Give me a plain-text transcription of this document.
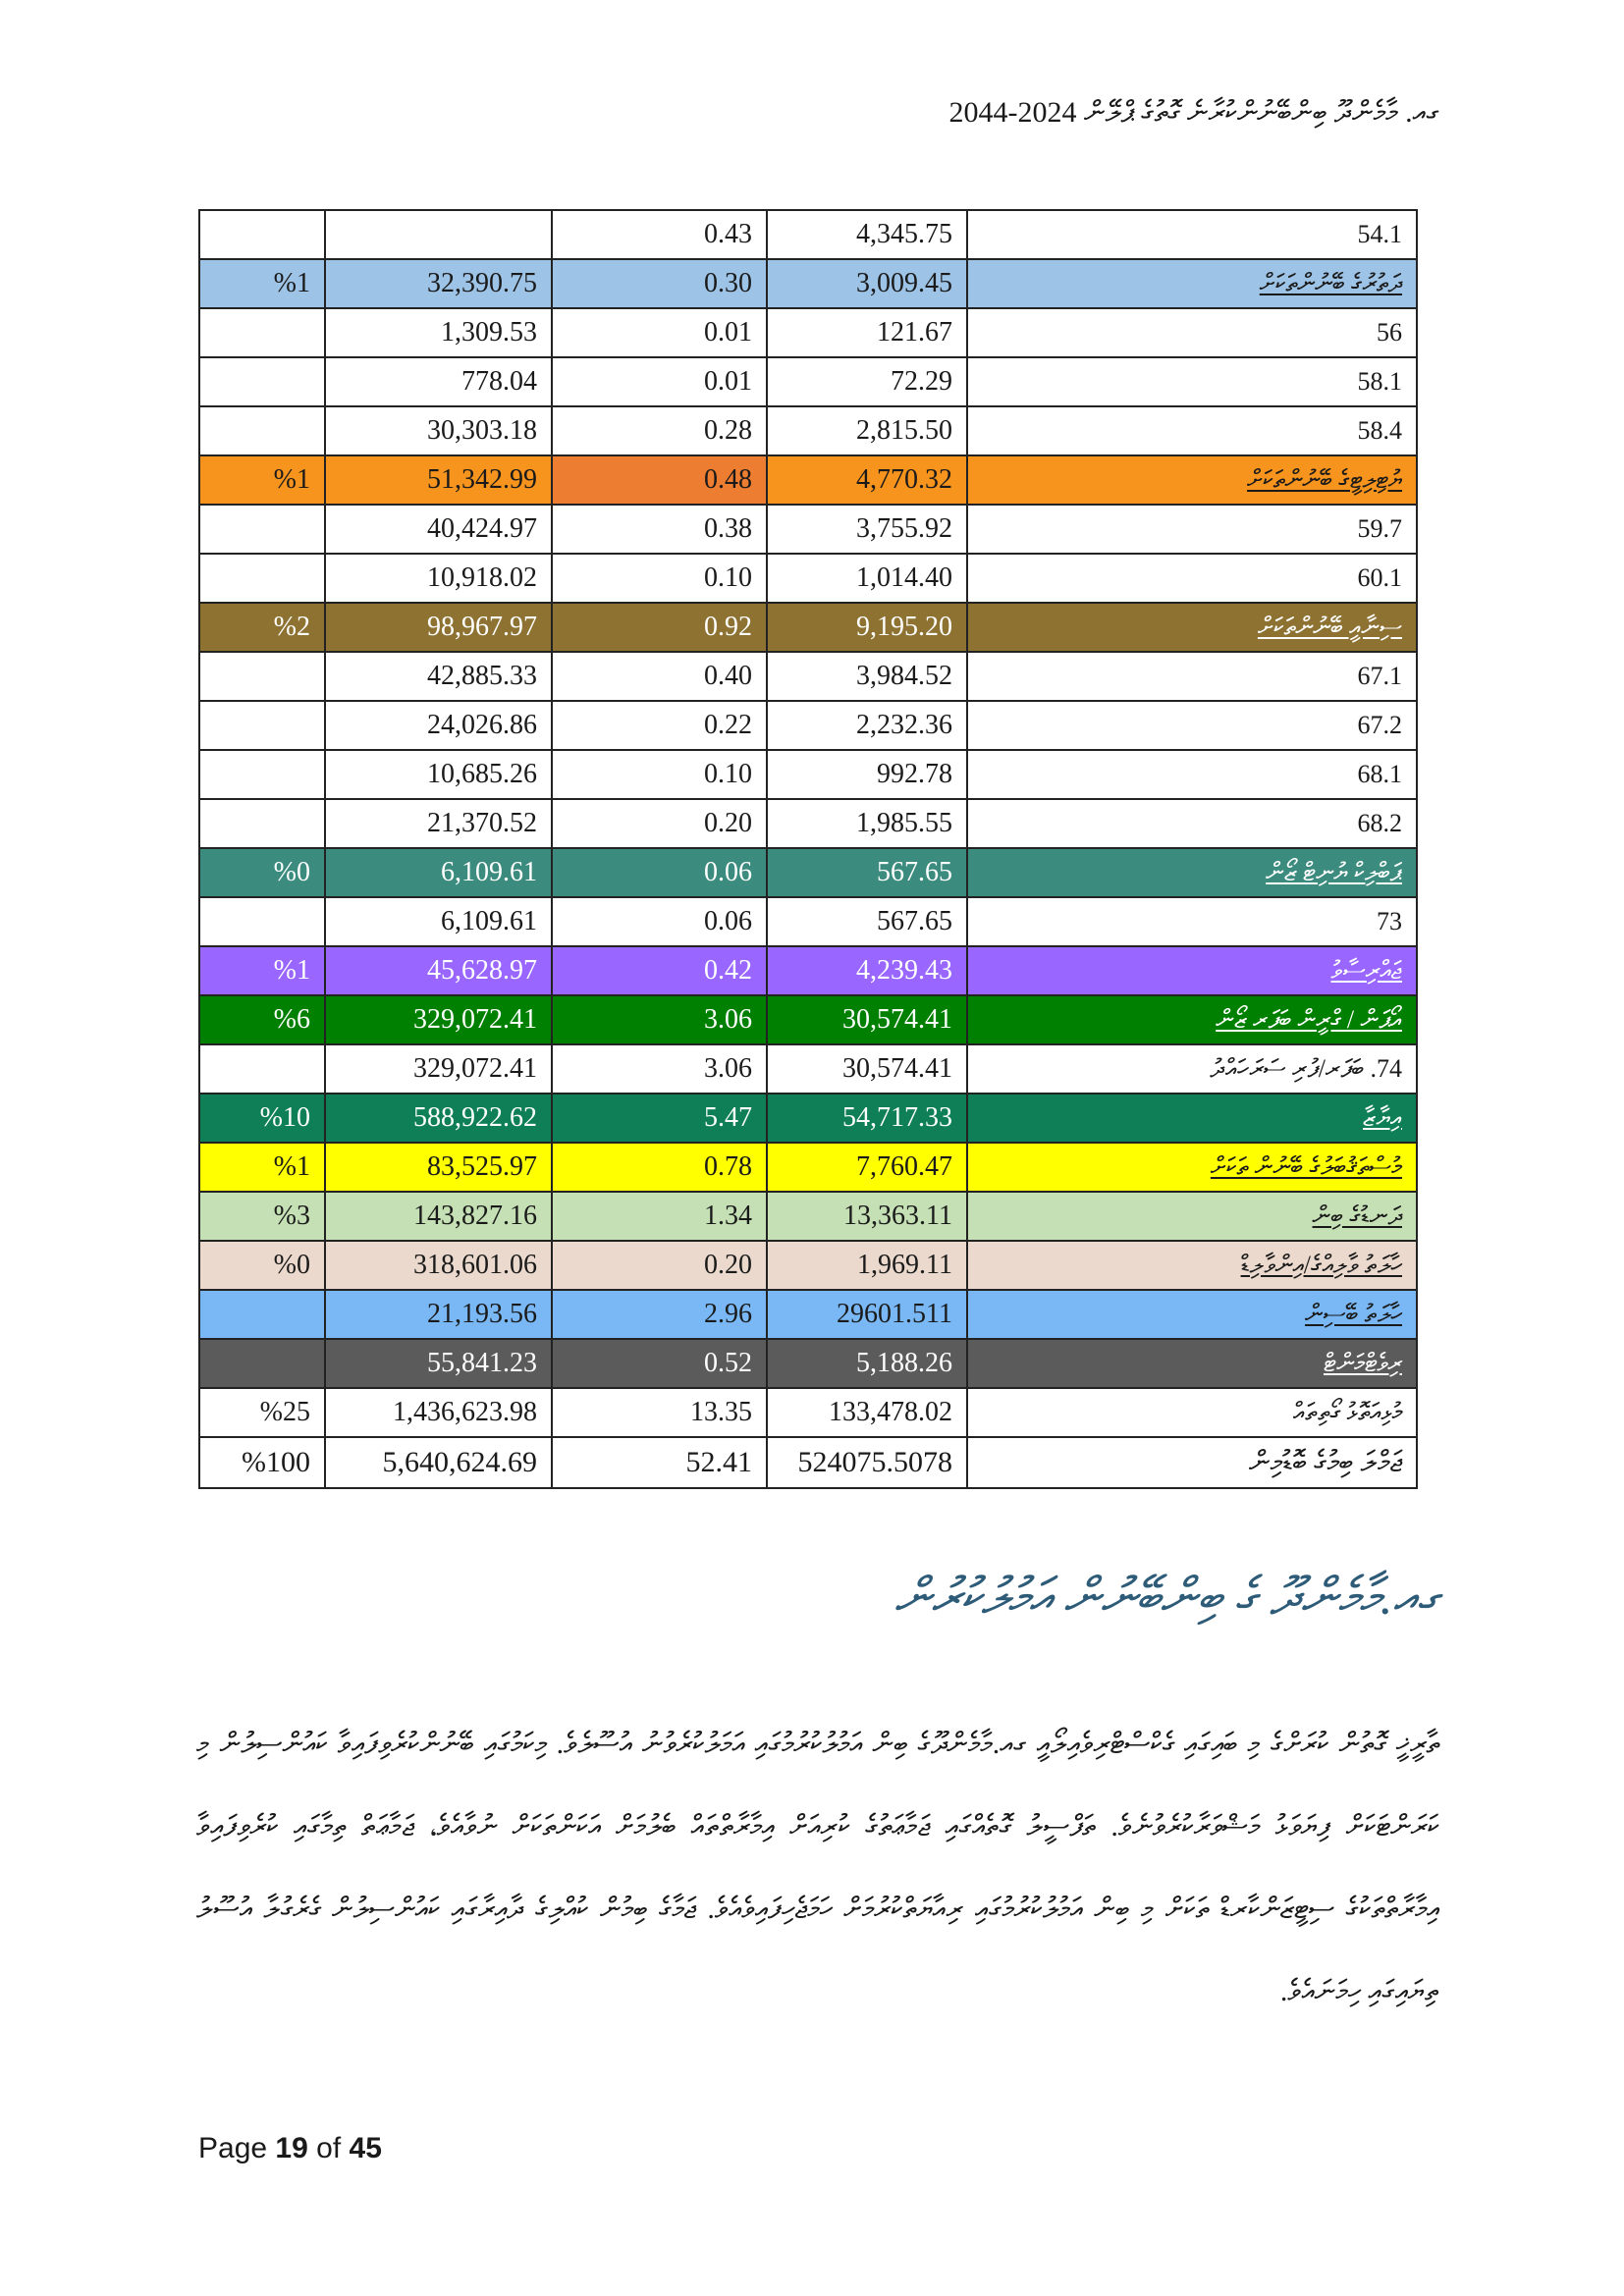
ގއ. މާމެންދޫ ބިންބޭނުންކުރާނެ ގޮތުގެ ޕްލޭން 2024-2044
		0.43	4,345.75	54.1
%1	32,390.75	0.30	3,009.45	ދަތުރުގެ ބޭނުންތަކަށް
	1,309.53	0.01	121.67	56
	778.04	0.01	72.29	58.1
	30,303.18	0.28	2,815.50	58.4
%1	51,342.99	0.48	4,770.32	ޔުޓިލިޓީގެ ބޭނުންތަކަށް
	40,424.97	0.38	3,755.92	59.7
	10,918.02	0.10	1,014.40	60.1
%2	98,967.97	0.92	9,195.20	ސިނާއީ ބޭނުންތަކަށް
	42,885.33	0.40	3,984.52	67.1
	24,026.86	0.22	2,232.36	67.2
	10,685.26	0.10	992.78	68.1
	21,370.52	0.20	1,985.55	68.2
%0	6,109.61	0.06	567.65	ޕަބްލިކް ޔުނިޓް ޒޯން
	6,109.61	0.06	567.65	73
%1	45,628.97	0.42	4,239.43	ޖައްރިސާވު
%6	329,072.41	3.06	30,574.41	އޯޕަން / ގްރީން ބަފަރ ޒޯން
	329,072.41	3.06	30,574.41	74. ބަފަރ/ފުރި ސަރަހައްދު
%10	588,922.62	5.47	54,717.33	އިޔާޒާ
%1	83,525.97	0.78	7,760.47	މުސްތަޤުބަލުގެ ބޭނުން ތަކަށް
%3	143,827.16	1.34	13,363.11	ދަނޑުގެ ބިން
%0	318,601.06	0.20	1,969.11	ހާލަތު ވާލިއްގެ/އިންވާލިޑް
	21,193.56	2.96	29601.511	ހާލަތު ބޭސިން
	55,841.23	0.52	5,188.26	ރިވެޓްމަންޓް
%25	1,436,623.98	13.35	133,478.02	މުޅިއަތޮޅު ގޯތިތައް
%100	5,640,624.69	52.41	524075.5078	ޖަމްލަ ބިމުގެ ބޮޑުމިން
ގއ.މާމެންދޫ ގެ ބިންބޭނުން އަމުލުކުރުން
ތާރީޚީ ގޮތުން ކުރަށްގެ މި ބައިގައި ގެކްސްޓްރިވެއިލޯއީ ގއ.މާމެންދޫގެ ބިން އަމުލުކުރުމުގައި އަމަލުކުރެވުނު އުސޫލެވެ. މިކަމުގައި ބޭނުންކުރެވިފައިވާ ކައުންސިލުން މި ކަރަންޓަކަށް ފިޔަވަޅު މަޝްވަރާކުރެވުނެވެ. ތަފްސީލު ގޮތެއްގައި ޖަމާޢަތުގެ ކުރިއަށް އިމާރާތްތައް ބެލުމަށް އަކަންތަކަށް ނުވާއެވެ، ޖަމާޢަތް ތިމާގައި ކުރެވިފައިވާ އިމާރާތްތަކުގެ ސިޓީޒަންކާރޑް ތަކަށް މި ބިން އަމުލުކުރުމުގައި ރިއާޔަތްކުރުމަށް ހަމަޖެހިފައިވެއެވެ. ޖަމާގެ ބިމުން ކުއްލިގެ ދާއިރާގައި ކައުންސިލުން ގެރެގުލާ އުސޫލު ތިޔައިގައި ހިމަނައެވެ.
Page 19 of 45
